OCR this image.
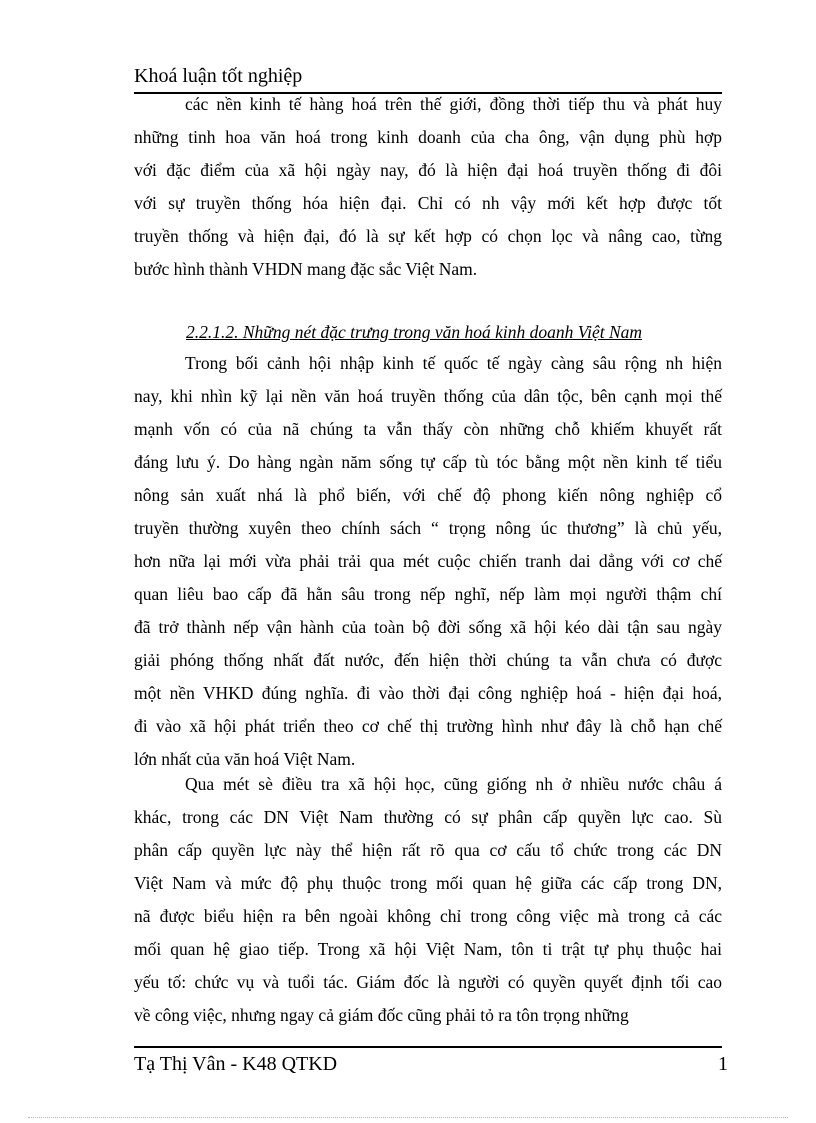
Khoá luận tốt nghiệp
các nền kinh tế hàng hoá trên thế giới, đồng thời tiếp thu và phát huy
những tinh hoa văn hoá trong kinh doanh của cha ông, vận dụng phù hợp
với đặc điểm của xã hội ngày nay, đó là hiện đại hoá truyền thống đi đôi
với sự truyền thống hóa hiện đại. Chỉ có nh vậy mới kết hợp được tốt
truyền thống và hiện đại, đó là sự kết hợp có chọn lọc và nâng cao, từng
bước hình thành VHDN mang đặc sắc Việt Nam.
2.2.1.2. Những nét đặc trưng trong văn hoá kinh doanh Việt Nam
Trong bối cảnh hội nhập kinh tế quốc tế ngày càng sâu rộng nh hiện
nay, khi nhìn kỹ lại nền văn hoá truyền thống của dân tộc, bên cạnh mọi thế
mạnh vốn có của nã chúng ta vẫn thấy còn những chỗ khiếm khuyết rất
đáng lưu ý. Do hàng ngàn năm sống tự cấp tù tóc bằng một nền kinh tế tiểu
nông sản xuất nhá là phổ biến, với chế độ phong kiến nông nghiệp cổ
truyền thường xuyên theo chính sách “ trọng nông úc thương” là chủ yếu,
hơn nữa lại mới vừa phải trải qua mét cuộc chiến tranh dai dẳng với cơ chế
quan liêu bao cấp đã hằn sâu trong nếp nghĩ, nếp làm mọi người thậm chí
đã trở thành nếp vận hành của toàn bộ đời sống xã hội kéo dài tận sau ngày
giải phóng thống nhất đất nước, đến hiện thời chúng ta vẫn chưa có được
một nền VHKD đúng nghĩa. đi vào thời đại công nghiệp hoá - hiện đại hoá,
đi vào xã hội phát triển theo cơ chế thị trường hình như đây là chỗ hạn chế
lớn nhất của văn hoá Việt Nam.
Qua mét sè điều tra xã hội học, cũng giống nh ở nhiều nước châu á
khác, trong các DN Việt Nam thường có sự phân cấp quyền lực cao. Sù
phân cấp quyền lực này thể hiện rất rõ qua cơ cấu tổ chức trong các DN
Việt Nam và mức độ phụ thuộc trong mối quan hệ giữa các cấp trong DN,
nã được biểu hiện ra bên ngoài không chỉ trong công việc mà trong cả các
mối quan hệ giao tiếp. Trong xã hội Việt Nam, tôn ti trật tự phụ thuộc hai
yếu tố: chức vụ và tuổi tác. Giám đốc là người có quyền quyết định tối cao
về công việc, nhưng ngay cả giám đốc cũng phải tỏ ra tôn trọng những
Tạ Thị Vân - K48 QTKD	1
